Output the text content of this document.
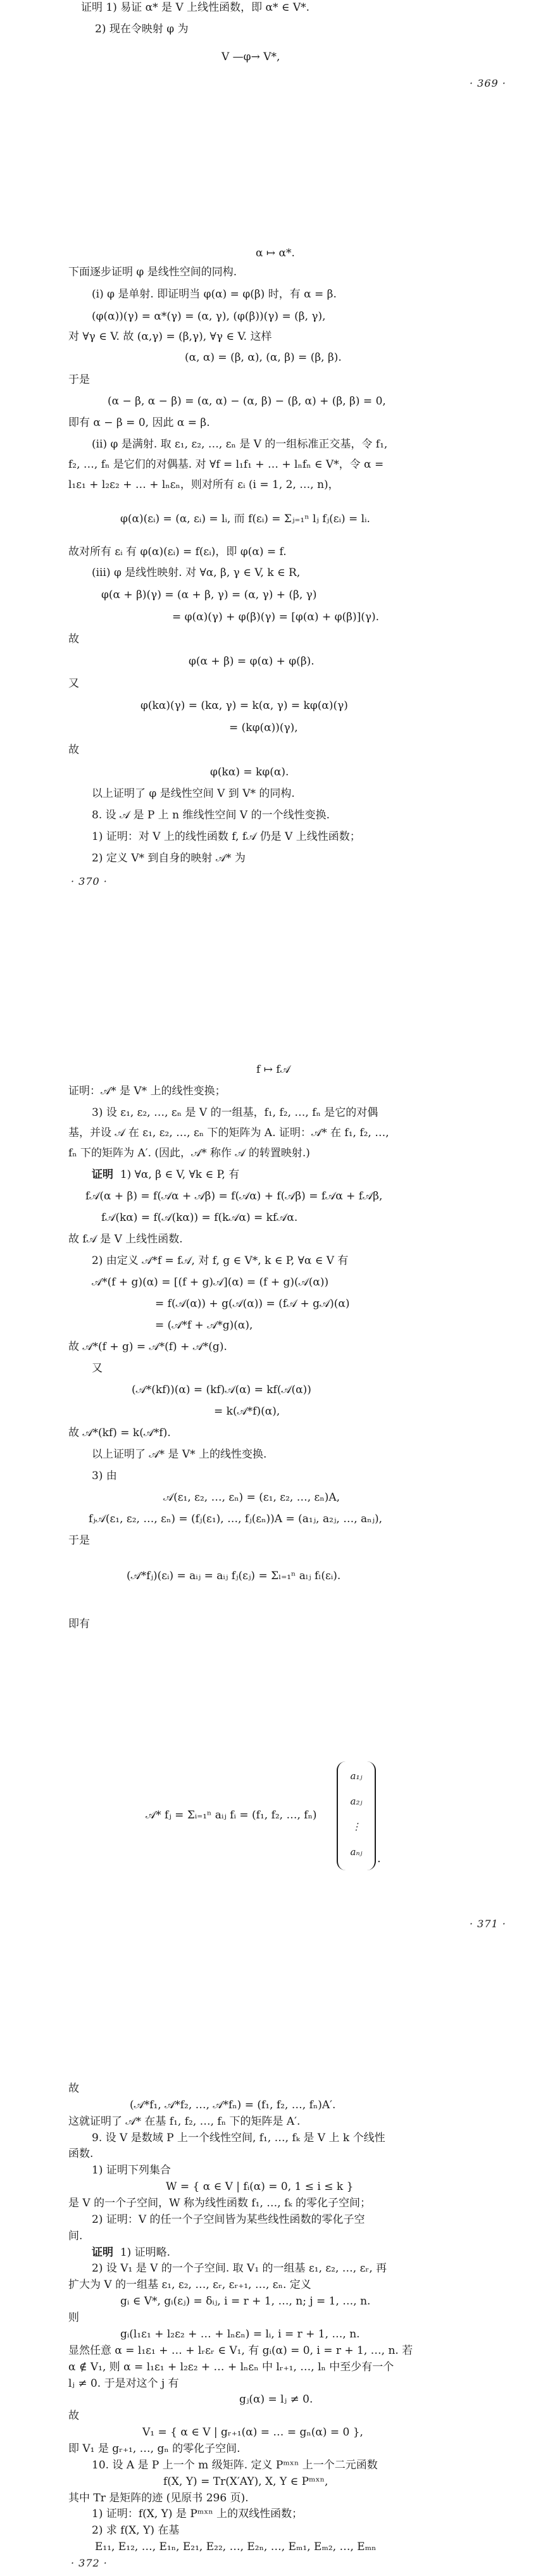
证明 1) 易证 α* 是 V 上线性函数，即 α* ∈ V*.
2) 现在令映射 φ 为
V —φ→ V*,
· 369 ·
α ↦ α*.
下面逐步证明 φ 是线性空间的同构.
(ⅰ) φ 是单射. 即证明当 φ(α) = φ(β) 时，有 α = β.
(φ(α))(γ) = α*(γ) = (α, γ), (φ(β))(γ) = (β, γ),
对 ∀γ ∈ V. 故 (α,γ) = (β,γ), ∀γ ∈ V. 这样
(α, α) = (β, α), (α, β) = (β, β).
于是
(α − β, α − β) = (α, α) − (α, β) − (β, α) + (β, β) = 0,
即有 α − β = 0, 因此 α = β.
(ⅱ) φ 是满射. 取 ε₁, ε₂, …, εₙ 是 V 的一组标准正交基，令 f₁,
f₂, …, fₙ 是它们的对偶基. 对 ∀f = l₁f₁ + … + lₙfₙ ∈ V*，令 α =
l₁ε₁ + l₂ε₂ + … + lₙεₙ，则对所有 εᵢ (i = 1, 2, …, n)，
φ(α)(εᵢ) = (α, εᵢ) = lᵢ, 而 f(εᵢ) = Σⱼ₌₁ⁿ lⱼ fⱼ(εᵢ) = lᵢ.
故对所有 εᵢ 有 φ(α)(εᵢ) = f(εᵢ)，即 φ(α) = f.
(ⅲ) φ 是线性映射. 对 ∀α, β, γ ∈ V, k ∈ R,
φ(α + β)(γ) = (α + β, γ) = (α, γ) + (β, γ)
= φ(α)(γ) + φ(β)(γ) = [φ(α) + φ(β)](γ).
故
φ(α + β) = φ(α) + φ(β).
又
φ(kα)(γ) = (kα, γ) = k(α, γ) = kφ(α)(γ)
= (kφ(α))(γ),
故
φ(kα) = kφ(α).
以上证明了 φ 是线性空间 V 到 V* 的同构.
8. 设 𝒜 是 P 上 n 维线性空间 V 的一个线性变换.
1) 证明：对 V 上的线性函数 f, f𝒜 仍是 V 上线性函数；
2) 定义 V* 到自身的映射 𝒜* 为
· 370 ·
f ↦ f𝒜
证明：𝒜* 是 V* 上的线性变换；
3) 设 ε₁, ε₂, …, εₙ 是 V 的一组基，f₁, f₂, …, fₙ 是它的对偶
基，并设 𝒜 在 ε₁, ε₂, …, εₙ 下的矩阵为 A. 证明：𝒜* 在 f₁, f₂, …,
fₙ 下的矩阵为 A′. (因此，𝒜* 称作 𝒜 的转置映射.)
证明 1) ∀α, β ∈ V, ∀k ∈ P, 有
f𝒜(α + β) = f(𝒜α + 𝒜β) = f(𝒜α) + f(𝒜β) = f𝒜α + f𝒜β,
f𝒜(kα) = f(𝒜(kα)) = f(k𝒜α) = kf𝒜α.
故 f𝒜 是 V 上线性函数.
2) 由定义 𝒜*f = f𝒜, 对 f, g ∈ V*, k ∈ P, ∀α ∈ V 有
𝒜*(f + g)(α) = [(f + g)𝒜](α) = (f + g)(𝒜(α))
= f(𝒜(α)) + g(𝒜(α)) = (f𝒜 + g𝒜)(α)
= (𝒜*f + 𝒜*g)(α),
故 𝒜*(f + g) = 𝒜*(f) + 𝒜*(g).
又
(𝒜*(kf))(α) = (kf)𝒜(α) = kf(𝒜(α))
= k(𝒜*f)(α),
故 𝒜*(kf) = k(𝒜*f).
以上证明了 𝒜* 是 V* 上的线性变换.
3) 由
𝒜(ε₁, ε₂, …, εₙ) = (ε₁, ε₂, …, εₙ)A,
fⱼ𝒜(ε₁, ε₂, …, εₙ) = (fⱼ(ε₁), …, fⱼ(εₙ))A = (a₁ⱼ, a₂ⱼ, …, aₙⱼ),
于是
(𝒜*fⱼ)(εᵢ) = aᵢⱼ = aᵢⱼ fⱼ(εⱼ) = Σₗ₌₁ⁿ aₗⱼ fₗ(εᵢ).
即有
𝒜* fⱼ = Σᵢ₌₁ⁿ aᵢⱼ fᵢ = (f₁, f₂, …, fₙ)
a₁ⱼ
a₂ⱼ
⋮
aₙⱼ	.
· 371 ·
故
(𝒜*f₁, 𝒜*f₂, …, 𝒜*fₙ) = (f₁, f₂, …, fₙ)A′.
这就证明了 𝒜* 在基 f₁, f₂, …, fₙ 下的矩阵是 A′.
9. 设 V 是数域 P 上一个线性空间, f₁, …, fₖ 是 V 上 k 个线性
函数.
1) 证明下列集合
W = { α ∈ V | fᵢ(α) = 0, 1 ≤ i ≤ k }
是 V 的一个子空间，W 称为线性函数 f₁, …, fₖ 的零化子空间；
2) 证明：V 的任一个子空间皆为某些线性函数的零化子空
间.
证明 1) 证明略.
2) 设 V₁ 是 V 的一个子空间. 取 V₁ 的一组基 ε₁, ε₂, …, εᵣ, 再
扩大为 V 的一组基 ε₁, ε₂, …, εᵣ, εᵣ₊₁, …, εₙ. 定义
gᵢ ∈ V*, gᵢ(εⱼ) = δᵢⱼ, i = r + 1, …, n; j = 1, …, n.
则
gᵢ(l₁ε₁ + l₂ε₂ + … + lₙεₙ) = lᵢ, i = r + 1, …, n.
显然任意 α = l₁ε₁ + … + lᵣεᵣ ∈ V₁, 有 gᵢ(α) = 0, i = r + 1, …, n. 若
α ∉ V₁, 则 α = l₁ε₁ + l₂ε₂ + … + lₙεₙ 中 lᵣ₊₁, …, lₙ 中至少有一个
lⱼ ≠ 0. 于是对这个 j 有
gⱼ(α) = lⱼ ≠ 0.
故
V₁ = { α ∈ V | gᵣ₊₁(α) = … = gₙ(α) = 0 },
即 V₁ 是 gᵣ₊₁, …, gₙ 的零化子空间.
10. 设 A 是 P 上一个 m 级矩阵. 定义 Pᵐˣⁿ 上一个二元函数
f(X, Y) = Tr(X′AY), X, Y ∈ Pᵐˣⁿ,
其中 Tr 是矩阵的迹 (见原书 296 页).
1) 证明：f(X, Y) 是 Pᵐˣⁿ 上的双线性函数；
2) 求 f(X, Y) 在基
E₁₁, E₁₂, …, E₁ₙ, E₂₁, E₂₂, …, E₂ₙ, …, Eₘ₁, Eₘ₂, …, Eₘₙ
· 372 ·
